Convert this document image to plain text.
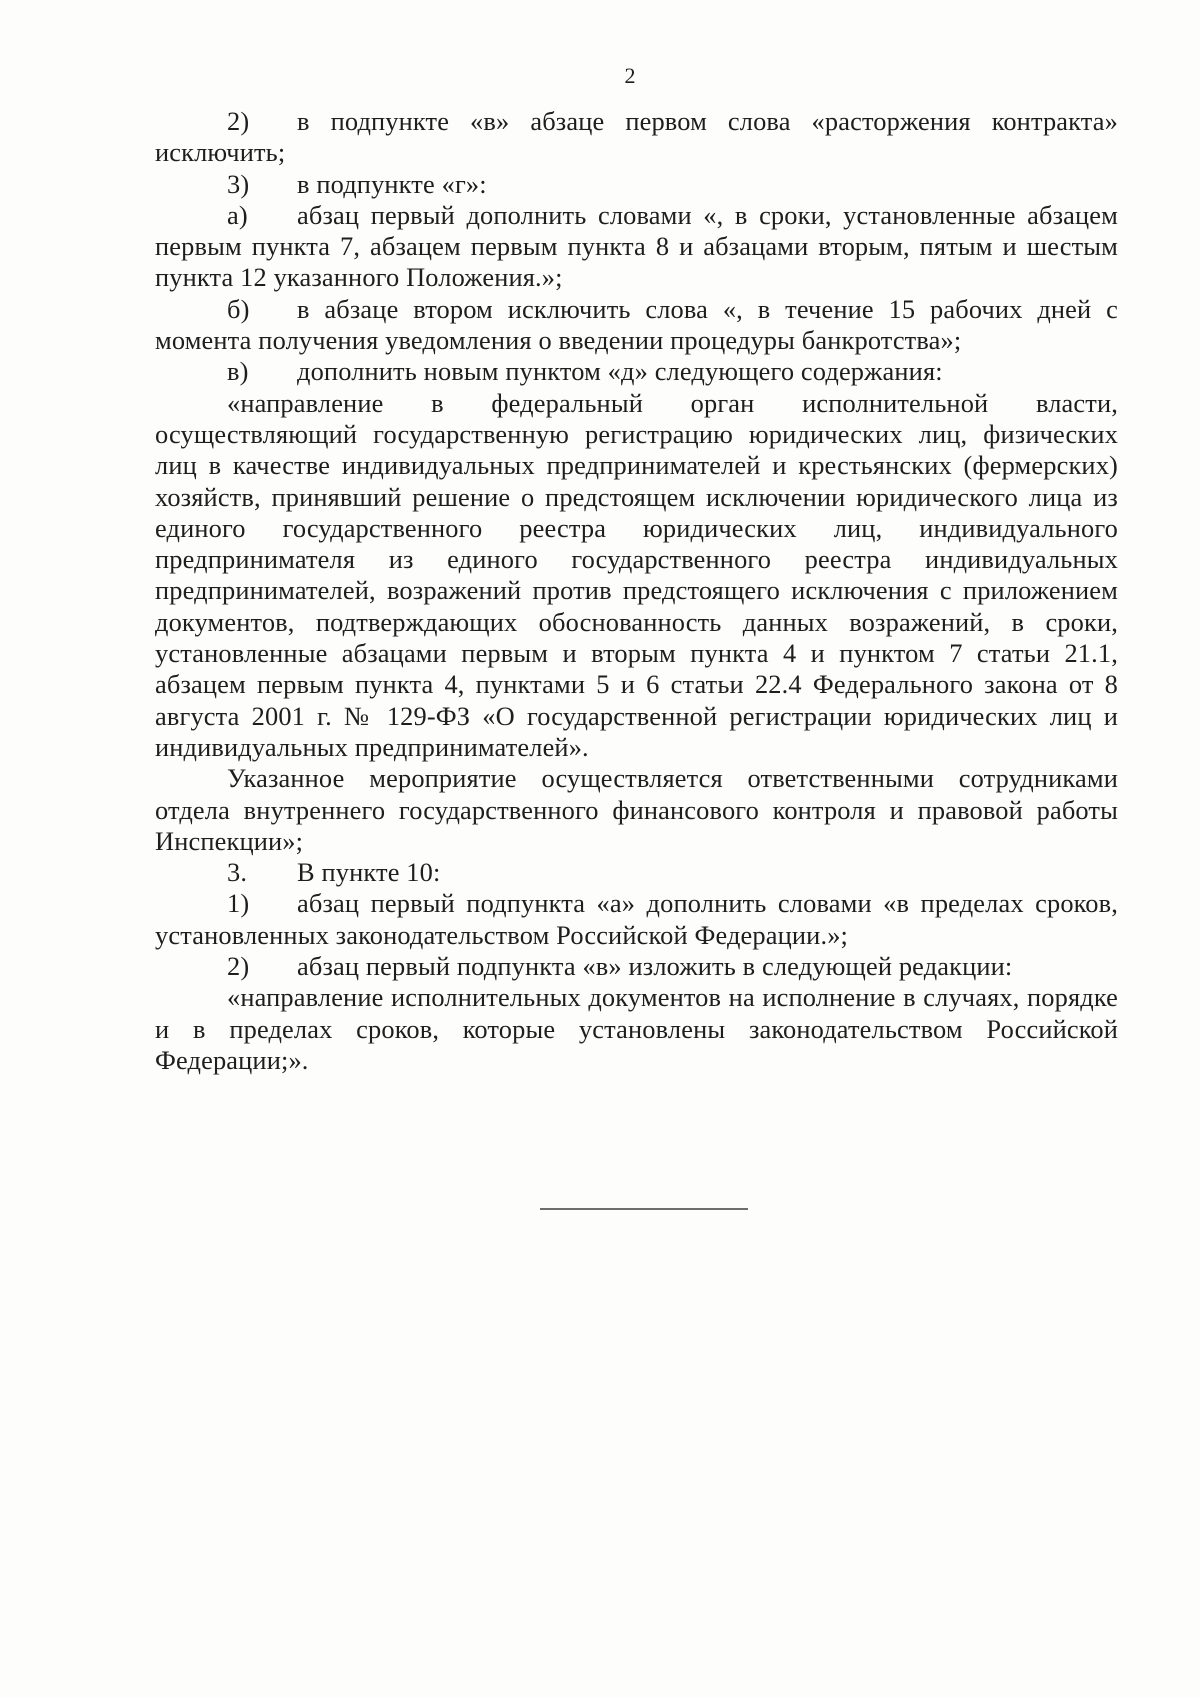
2

2) в подпункте «в» абзаце первом слова «расторжения контракта» исключить;

3) в подпункте «г»:

а) абзац первый дополнить словами «, в сроки, установленные абзацем первым пункта 7, абзацем первым пункта 8 и абзацами вторым, пятым и шестым пункта 12 указанного Положения.»;

б) в абзаце втором исключить слова «, в течение 15 рабочих дней с момента получения уведомления о введении процедуры банкротства»;

в) дополнить новым пунктом «д» следующего содержания:

«направление в федеральный орган исполнительной власти, осуществляющий государственную регистрацию юридических лиц, физических лиц в качестве индивидуальных предпринимателей и крестьянских (фермерских) хозяйств, принявший решение о предстоящем исключении юридического лица из единого государственного реестра юридических лиц, индивидуального предпринимателя из единого государственного реестра индивидуальных предпринимателей, возражений против предстоящего исключения с приложением документов, подтверждающих обоснованность данных возражений, в сроки, установленные абзацами первым и вторым пункта 4 и пунктом 7 статьи 21.1, абзацем первым пункта 4, пунктами 5 и 6 статьи 22.4 Федерального закона от 8 августа 2001 г. № 129-ФЗ «О государственной регистрации юридических лиц и индивидуальных предпринимателей».

Указанное мероприятие осуществляется ответственными сотрудниками отдела внутреннего государственного финансового контроля и правовой работы Инспекции»;

3. В пункте 10:

1) абзац первый подпункта «а» дополнить словами «в пределах сроков, установленных законодательством Российской Федерации.»;

2) абзац первый подпункта «в» изложить в следующей редакции:

«направление исполнительных документов на исполнение в случаях, порядке и в пределах сроков, которые установлены законодательством Российской Федерации;».
